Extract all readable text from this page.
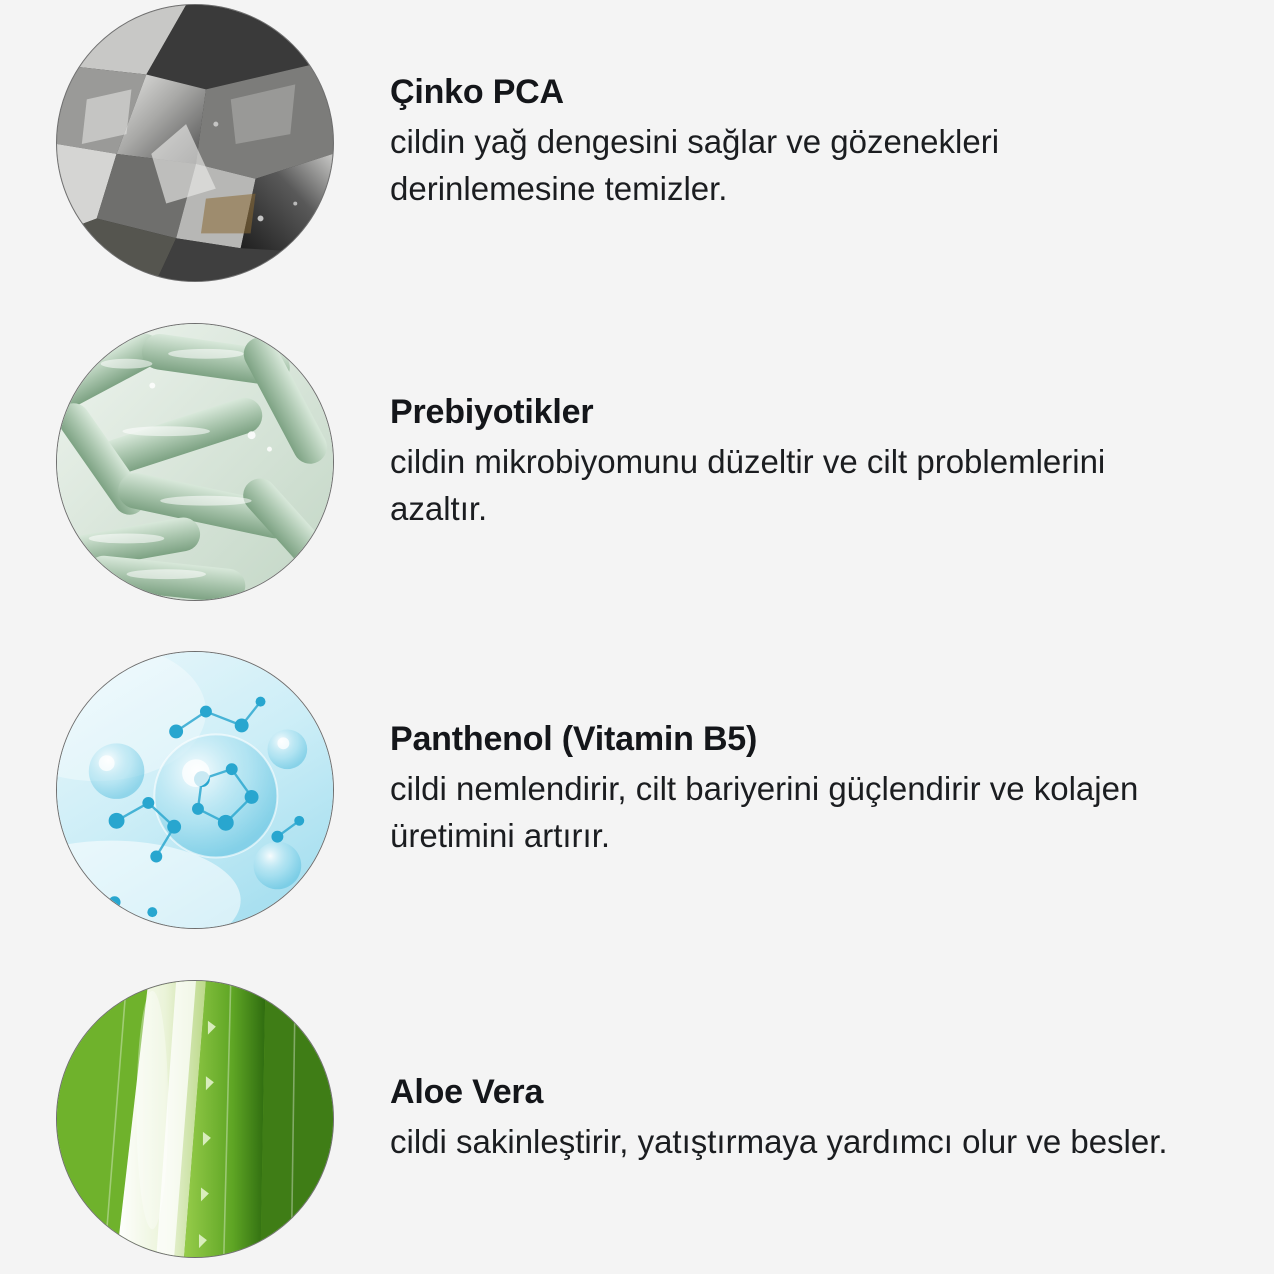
Çinko PCA

cildin yağ dengesini sağlar ve gözenekleri derinlemesine temizler.

Prebiyotikler

cildin mikrobiyomunu düzeltir ve cilt problemlerini azaltır.

Panthenol (Vitamin B5)

cildi nemlendirir, cilt bariyerini güçlendirir ve kolajen üretimini artırır.

Aloe Vera

cildi sakinleştirir, yatıştırmaya yardımcı olur ve besler.
